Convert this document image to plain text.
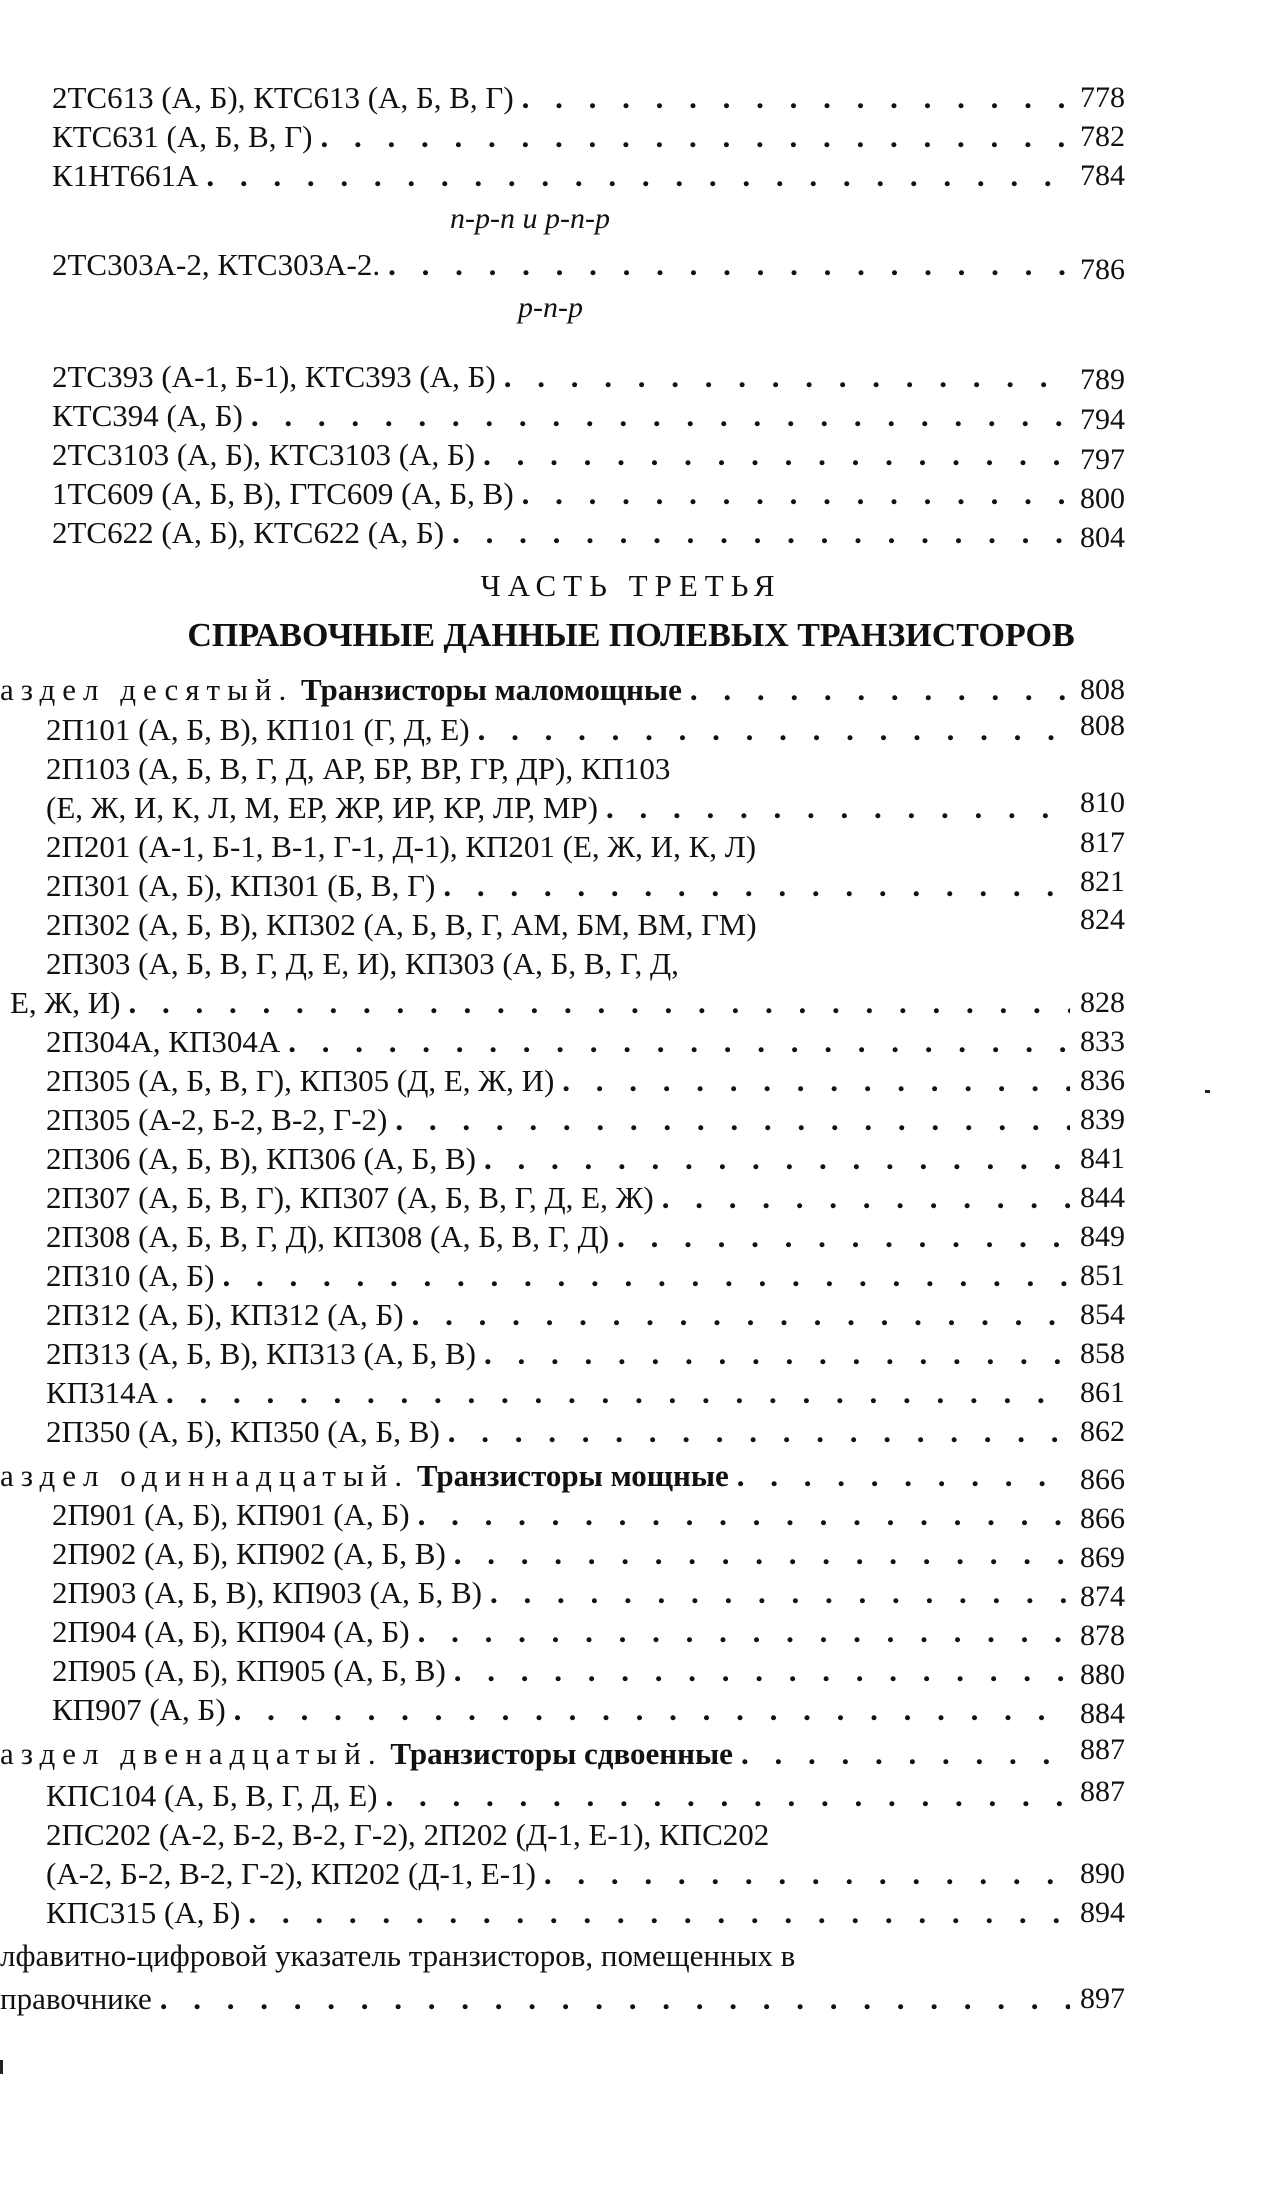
2ТС613 (А, Б), КТС613 (А, Б, В, Г) . . .	778
КТС631 (А, Б, В, Г) . . .	782
К1НТ661А . . .	784
n-p-n и p-n-p
2ТС303А-2, КТС303А-2. . . .	786
p-n-p
2ТС393 (А-1, Б-1), КТС393 (А, Б) . . .	789
КТС394 (А, Б) . . .	794
2ТС3103 (А, Б), КТС3103 (А, Б) . . .	797
1ТС609 (А, Б, В), ГТС609 (А, Б, В) . . .	800
2ТС622 (А, Б), КТС622 (А, Б) . . .	804
ЧАСТЬ ТРЕТЬЯ
СПРАВОЧНЫЕ ДАННЫЕ ПОЛЕВЫХ ТРАНЗИСТОРОВ
аздел десятый. Транзисторы маломощные . . .	808
2П101 (А, Б, В), КП101 (Г, Д, Е) . . .	808
2П103 (А, Б, В, Г, Д, АР, БР, ВР, ГР, ДР), КП103
(Е, Ж, И, К, Л, М, ЕР, ЖР, ИР, КР, ЛР, МР) . . .	810
2П201 (А-1, Б-1, В-1, Г-1, Д-1), КП201 (Е, Ж, И, К, Л)	817
2П301 (А, Б), КП301 (Б, В, Г) . . .	821
2П302 (А, Б, В), КП302 (А, Б, В, Г, АМ, БМ, ВМ, ГМ)	824
2П303 (А, Б, В, Г, Д, Е, И), КП303 (А, Б, В, Г, Д,
Е, Ж, И) . . .	828
2П304А, КП304А . . .	833
2П305 (А, Б, В, Г), КП305 (Д, Е, Ж, И) . . .	836
2П305 (А-2, Б-2, В-2, Г-2) . . .	839
2П306 (А, Б, В), КП306 (А, Б, В) . . .	841
2П307 (А, Б, В, Г), КП307 (А, Б, В, Г, Д, Е, Ж) . . .	844
2П308 (А, Б, В, Г, Д), КП308 (А, Б, В, Г, Д) . . .	849
2П310 (А, Б) . . .	851
2П312 (А, Б), КП312 (А, Б) . . .	854
2П313 (А, Б, В), КП313 (А, Б, В) . . .	858
КП314А . . .	861
2П350 (А, Б), КП350 (А, Б, В) . . .	862
аздел одиннадцатый. Транзисторы мощные . . .	866
2П901 (А, Б), КП901 (А, Б) . . .	866
2П902 (А, Б), КП902 (А, Б, В) . . .	869
2П903 (А, Б, В), КП903 (А, Б, В) . . .	874
2П904 (А, Б), КП904 (А, Б) . . .	878
2П905 (А, Б), КП905 (А, Б, В) . . .	880
КП907 (А, Б) . . .	884
аздел двенадцатый. Транзисторы сдвоенные . . .	887
КПС104 (А, Б, В, Г, Д, Е) . . .	887
2ПС202 (А-2, Б-2, В-2, Г-2), 2П202 (Д-1, Е-1), КПС202
(А-2, Б-2, В-2, Г-2), КП202 (Д-1, Е-1) . . .	890
КПС315 (А, Б) . . .	894
лфавитно-цифровой указатель транзисторов, помещенных в
правочнике . . .	897
